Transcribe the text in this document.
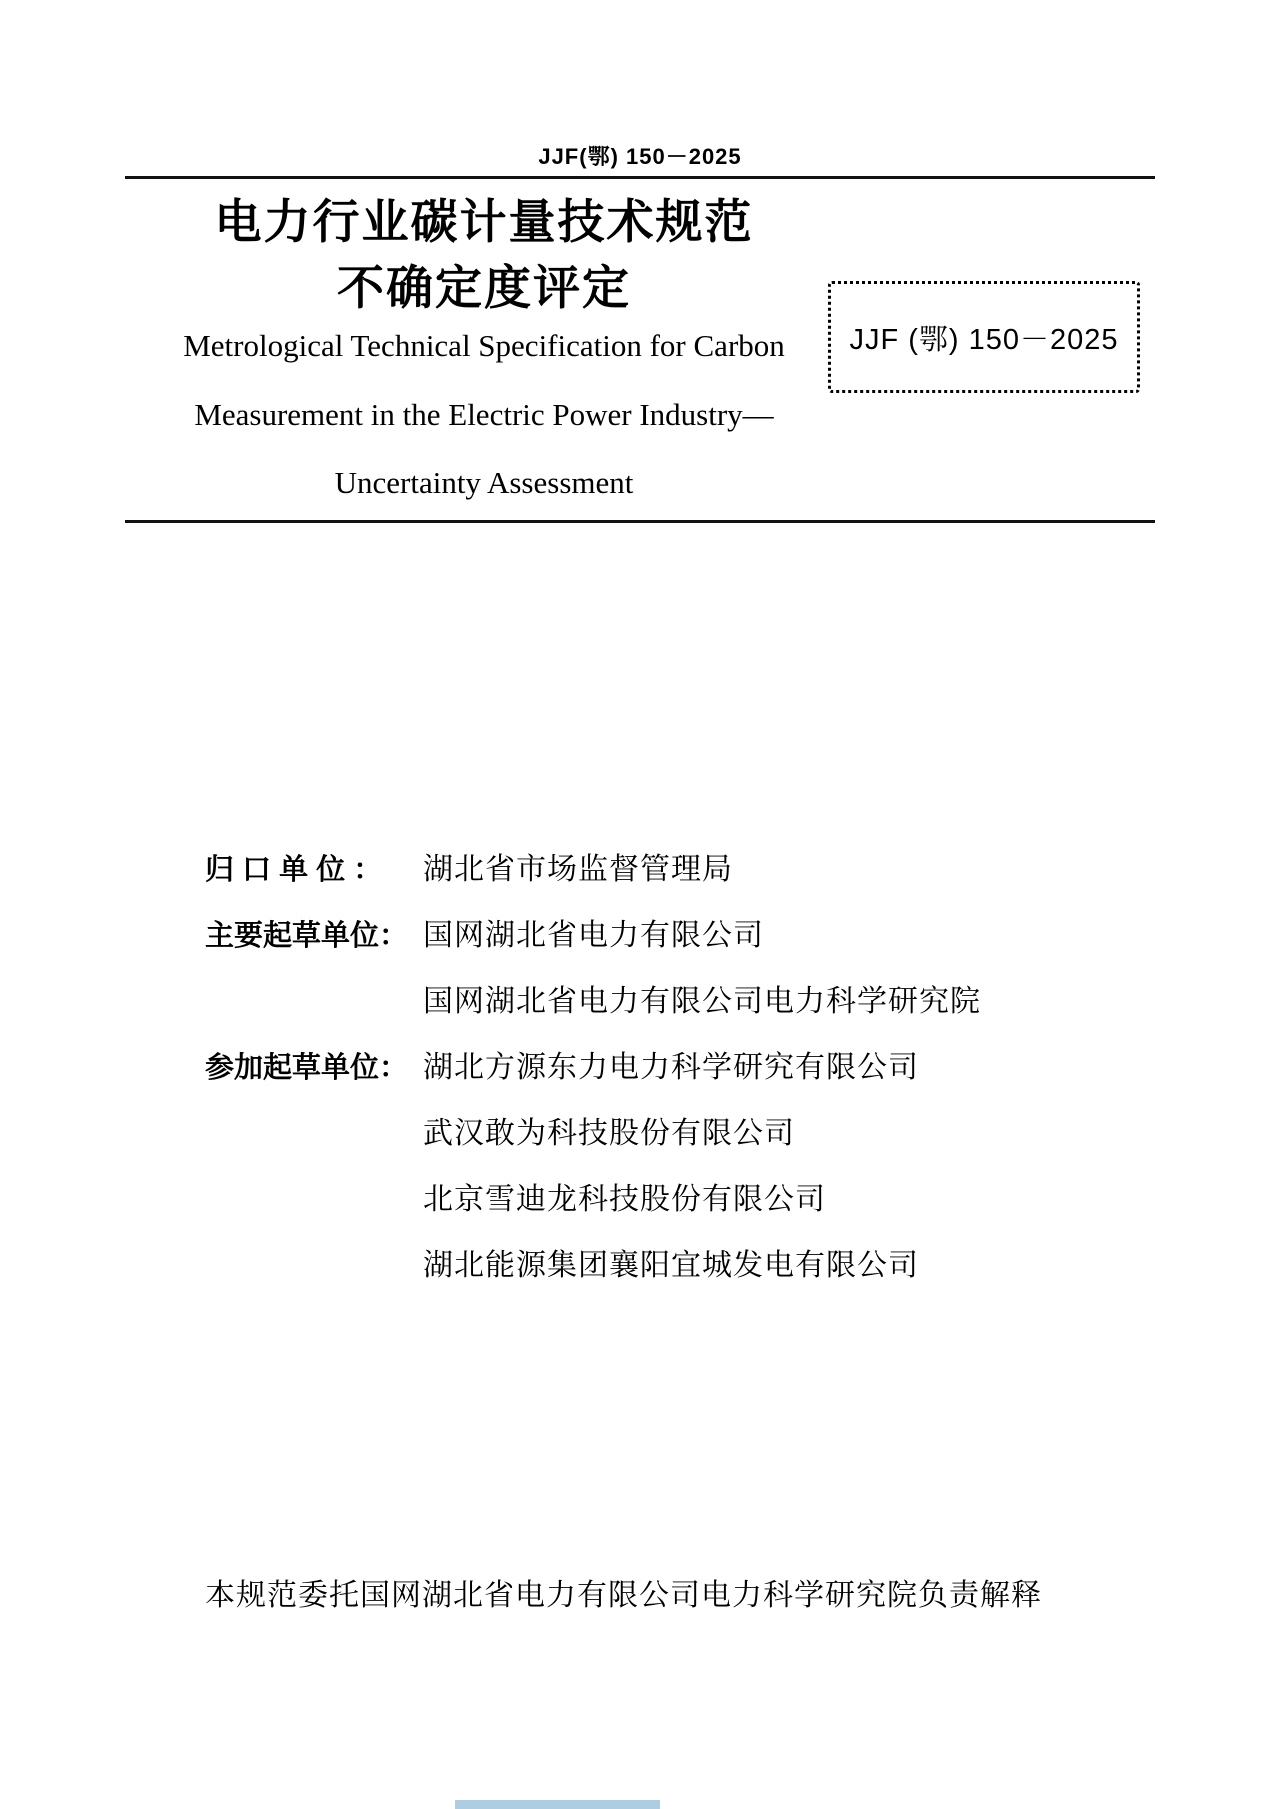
JJF(鄂) 150－2025
电力行业碳计量技术规范
不确定度评定
Metrological Technical Specification for Carbon
Measurement in the Electric Power Industry—
Uncertainty Assessment
JJF (鄂) 150－2025
归 口 单 位 ：	湖北省市场监督管理局
主要起草单位： 国网湖北省电力有限公司
国网湖北省电力有限公司电力科学研究院
参加起草单位： 湖北方源东力电力科学研究有限公司
武汉敢为科技股份有限公司
北京雪迪龙科技股份有限公司
湖北能源集团襄阳宜城发电有限公司
本规范委托国网湖北省电力有限公司电力科学研究院负责解释
